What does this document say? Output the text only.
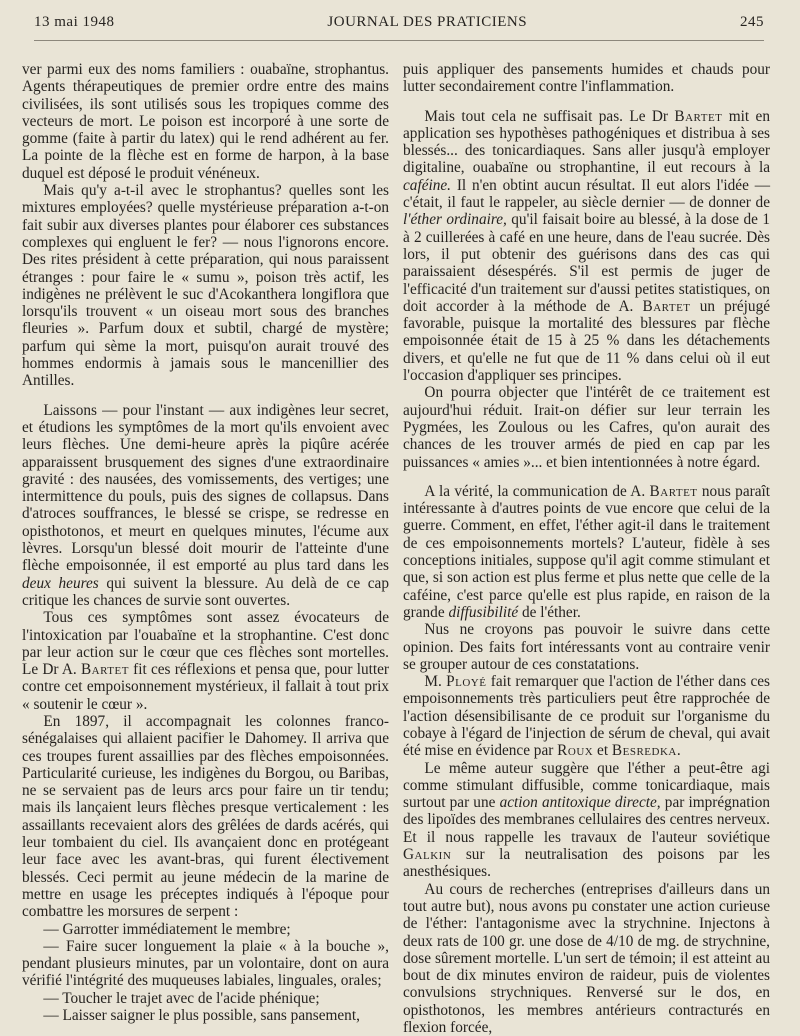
13 mai 1948	JOURNAL DES PRATICIENS	245

ver parmi eux des noms familiers : ouabaïne, strophantus. Agents thérapeutiques de premier ordre entre des mains civilisées, ils sont utilisés sous les tropiques comme des vecteurs de mort. Le poison est incorporé à une sorte de gomme (faite à partir du latex) qui le rend adhérent au fer. La pointe de la flèche est en forme de harpon, à la base duquel est déposé le produit vénéneux.

Mais qu'y a-t-il avec le strophantus? quelles sont les mixtures employées? quelle mystérieuse préparation a-t-on fait subir aux diverses plantes pour élaborer ces substances complexes qui engluent le fer? — nous l'ignorons encore. Des rites président à cette préparation, qui nous paraissent étranges : pour faire le « sumu », poison très actif, les indigènes ne prélèvent le suc d'Acokanthera longiflora que lorsqu'ils trouvent « un oiseau mort sous des branches fleuries ». Parfum doux et subtil, chargé de mystère; parfum qui sème la mort, puisqu'on aurait trouvé des hommes endormis à jamais sous le mancenillier des Antilles.

Laissons — pour l'instant — aux indigènes leur secret, et étudions les symptômes de la mort qu'ils envoient avec leurs flèches. Une demi-heure après la piqûre acérée apparaissent brusquement des signes d'une extraordinaire gravité : des nausées, des vomissements, des vertiges; une intermittence du pouls, puis des signes de collapsus. Dans d'atroces souffrances, le blessé se crispe, se redresse en opisthotonos, et meurt en quelques minutes, l'écume aux lèvres. Lorsqu'un blessé doit mourir de l'atteinte d'une flèche empoisonnée, il est emporté au plus tard dans les deux heures qui suivent la blessure. Au delà de ce cap critique les chances de survie sont ouvertes.

Tous ces symptômes sont assez évocateurs de l'intoxication par l'ouabaïne et la strophantine. C'est donc par leur action sur le cœur que ces flèches sont mortelles. Le Dr A. Bartet fit ces réflexions et pensa que, pour lutter contre cet empoisonnement mystérieux, il fallait à tout prix « soutenir le cœur ».

En 1897, il accompagnait les colonnes franco-sénégalaises qui allaient pacifier le Dahomey. Il arriva que ces troupes furent assaillies par des flèches empoisonnées. Particularité curieuse, les indigènes du Borgou, ou Baribas, ne se servaient pas de leurs arcs pour faire un tir tendu; mais ils lançaient leurs flèches presque verticalement : les assaillants recevaient alors des grêlées de dards acérés, qui leur tombaient du ciel. Ils avançaient donc en protégeant leur face avec les avant-bras, qui furent électivement blessés. Ceci permit au jeune médecin de la marine de mettre en usage les préceptes indiqués à l'époque pour combattre les morsures de serpent :

— Garrotter immédiatement le membre;

— Faire sucer longuement la plaie « à la bouche », pendant plusieurs minutes, par un volontaire, dont on aura vérifié l'intégrité des muqueuses labiales, linguales, orales;

— Toucher le trajet avec de l'acide phénique;

— Laisser saigner le plus possible, sans pansement,

puis appliquer des pansements humides et chauds pour lutter secondairement contre l'inflammation.

Mais tout cela ne suffisait pas. Le Dr Bartet mit en application ses hypothèses pathogéniques et distribua à ses blessés... des tonicardiaques. Sans aller jusqu'à employer digitaline, ouabaïne ou strophantine, il eut recours à la caféine. Il n'en obtint aucun résultat. Il eut alors l'idée — c'était, il faut le rappeler, au siècle dernier — de donner de l'éther ordinaire, qu'il faisait boire au blessé, à la dose de 1 à 2 cuillerées à café en une heure, dans de l'eau sucrée. Dès lors, il put obtenir des guérisons dans des cas qui paraissaient désespérés. S'il est permis de juger de l'efficacité d'un traitement sur d'aussi petites statistiques, on doit accorder à la méthode de A. Bartet un préjugé favorable, puisque la mortalité des blessures par flèche empoisonnée était de 15 à 25 % dans les détachements divers, et qu'elle ne fut que de 11 % dans celui où il eut l'occasion d'appliquer ses principes.

On pourra objecter que l'intérêt de ce traitement est aujourd'hui réduit. Irait-on défier sur leur terrain les Pygmées, les Zoulous ou les Cafres, qu'on aurait des chances de les trouver armés de pied en cap par les puissances « amies »... et bien intentionnées à notre égard.

A la vérité, la communication de A. Bartet nous paraît intéressante à d'autres points de vue encore que celui de la guerre. Comment, en effet, l'éther agit-il dans le traitement de ces empoisonnements mortels? L'auteur, fidèle à ses conceptions initiales, suppose qu'il agit comme stimulant et que, si son action est plus ferme et plus nette que celle de la caféine, c'est parce qu'elle est plus rapide, en raison de la grande diffusibilité de l'éther.

Nus ne croyons pas pouvoir le suivre dans cette opinion. Des faits fort intéressants vont au contraire venir se grouper autour de ces constatations.

M. Ployé fait remarquer que l'action de l'éther dans ces empoisonnements très particuliers peut être rapprochée de l'action désensibilisante de ce produit sur l'organisme du cobaye à l'égard de l'injection de sérum de cheval, qui avait été mise en évidence par Roux et Besredka.

Le même auteur suggère que l'éther a peut-être agi comme stimulant diffusible, comme tonicardiaque, mais surtout par une action antitoxique directe, par imprégnation des lipoïdes des membranes cellulaires des centres nerveux. Et il nous rappelle les travaux de l'auteur soviétique Galkin sur la neutralisation des poisons par les anesthésiques.

Au cours de recherches (entreprises d'ailleurs dans un tout autre but), nous avons pu constater une action curieuse de l'éther: l'antagonisme avec la strychnine. Injectons à deux rats de 100 gr. une dose de 4/10 de mg. de strychnine, dose sûrement mortelle. L'un sert de témoin; il est atteint au bout de dix minutes environ de raideur, puis de violentes convulsions strychniques. Renversé sur le dos, en opisthotonos, les membres antérieurs contracturés en flexion forcée,
